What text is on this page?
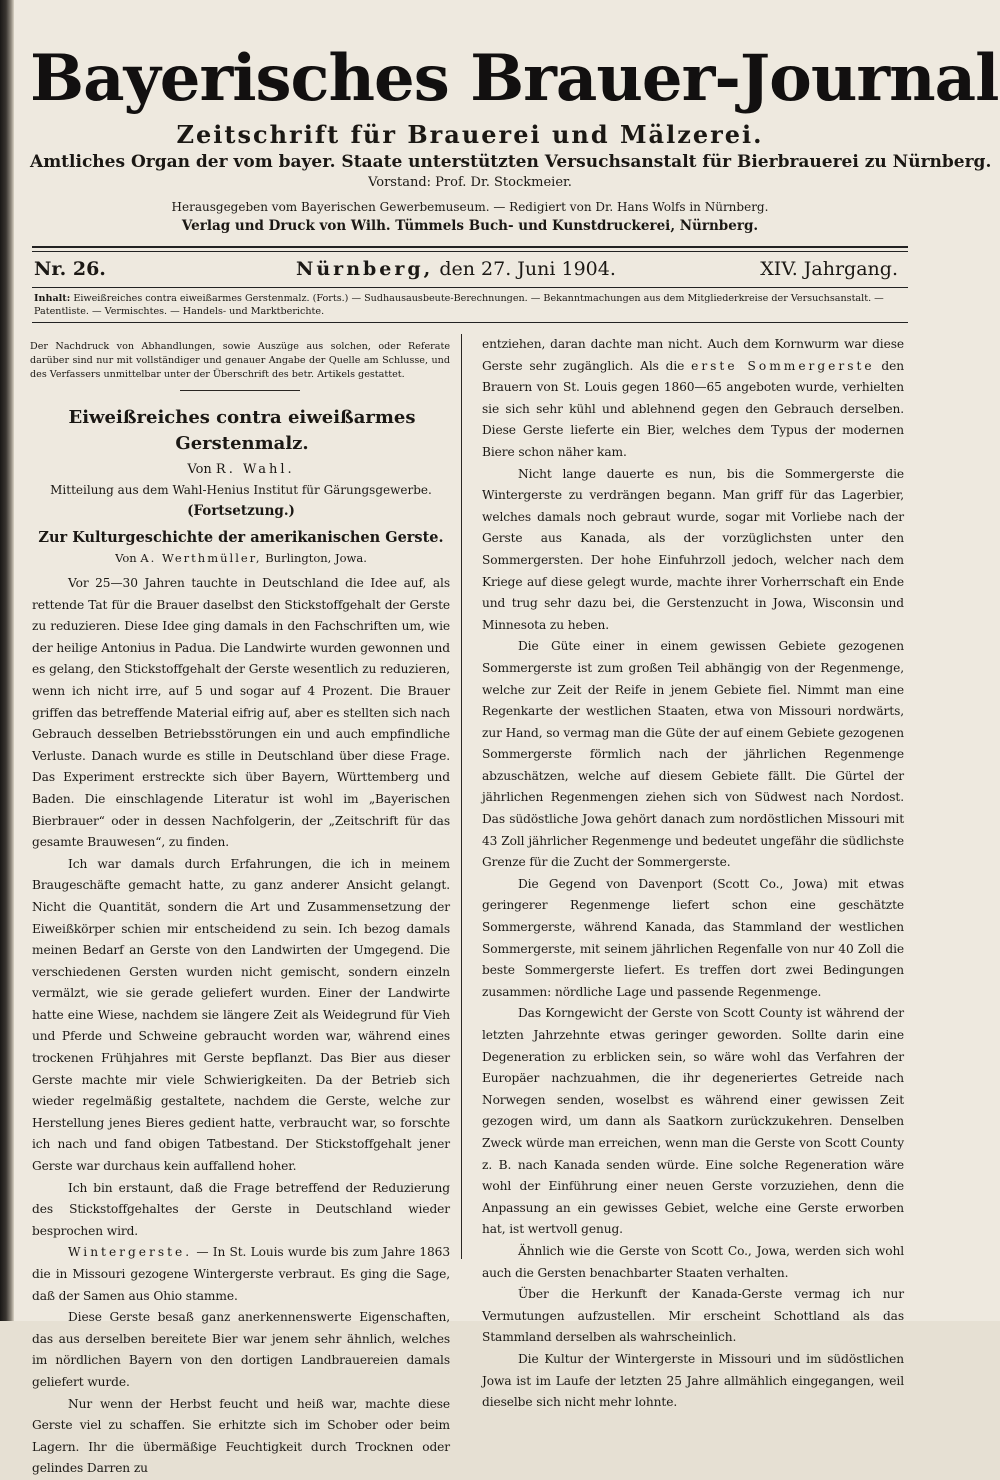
Bayerisches Brauer-Journal
Zeitschrift für Brauerei und Mälzerei.
Amtliches Organ der vom bayer. Staate unterstützten Versuchsanstalt für Bierbrauerei zu Nürnberg.
Vorstand: Prof. Dr. Stockmeier.
Herausgegeben vom Bayerischen Gewerbemuseum. — Redigiert von Dr. Hans Wolfs in Nürnberg.
Verlag und Druck von Wilh. Tümmels Buch- und Kunstdruckerei, Nürnberg.
Nr. 26.	Nürnberg, den 27. Juni 1904.	XIV. Jahrgang.
Inhalt: Eiweißreiches contra eiweißarmes Gerstenmalz. (Forts.) — Sudhausausbeute-Berechnungen. — Bekanntmachungen aus dem Mitgliederkreise der Versuchsanstalt. — Patentliste. — Vermischtes. — Handels- und Marktberichte.

Der Nachdruck von Abhandlungen, sowie Auszüge aus solchen, oder Referate darüber sind nur mit vollständiger und genauer Angabe der Quelle am Schlusse, und des Verfassers unmittelbar unter der Überschrift des betr. Artikels gestattet.

Eiweißreiches contra eiweißarmes Gerstenmalz.
Von R. Wahl.
Mitteilung aus dem Wahl-Henius Institut für Gärungsgewerbe.
(Fortsetzung.)
Zur Kulturgeschichte der amerikanischen Gerste.
Von A. Werthmüller, Burlington, Jowa.

Vor 25—30 Jahren tauchte in Deutschland die Idee auf, als rettende Tat für die Brauer daselbst den Stickstoffgehalt der Gerste zu reduzieren. Diese Idee ging damals in den Fachschriften um, wie der heilige Antonius in Padua. Die Landwirte wurden gewonnen und es gelang, den Stickstoffgehalt der Gerste wesentlich zu reduzieren, wenn ich nicht irre, auf 5 und sogar auf 4 Prozent. Die Brauer griffen das betreffende Material eifrig auf, aber es stellten sich nach Gebrauch desselben Betriebsstörungen ein und auch empfindliche Verluste. Danach wurde es stille in Deutschland über diese Frage. Das Experiment erstreckte sich über Bayern, Württemberg und Baden. Die einschlagende Literatur ist wohl im „Bayerischen Bierbrauer“ oder in dessen Nachfolgerin, der „Zeitschrift für das gesamte Brauwesen“, zu finden.

Ich war damals durch Erfahrungen, die ich in meinem Braugeschäfte gemacht hatte, zu ganz anderer Ansicht gelangt. Nicht die Quantität, sondern die Art und Zusammensetzung der Eiweißkörper schien mir entscheidend zu sein. Ich bezog damals meinen Bedarf an Gerste von den Landwirten der Umgegend. Die verschiedenen Gersten wurden nicht gemischt, sondern einzeln vermälzt, wie sie gerade geliefert wurden. Einer der Landwirte hatte eine Wiese, nachdem sie längere Zeit als Weidegrund für Vieh und Pferde und Schweine gebraucht worden war, während eines trockenen Frühjahres mit Gerste bepflanzt. Das Bier aus dieser Gerste machte mir viele Schwierigkeiten. Da der Betrieb sich wieder regelmäßig gestaltete, nachdem die Gerste, welche zur Herstellung jenes Bieres gedient hatte, verbraucht war, so forschte ich nach und fand obigen Tatbestand. Der Stickstoffgehalt jener Gerste war durchaus kein auffallend hoher.

Ich bin erstaunt, daß die Frage betreffend der Reduzierung des Stickstoffgehaltes der Gerste in Deutschland wieder besprochen wird.

Wintergerste. — In St. Louis wurde bis zum Jahre 1863 die in Missouri gezogene Wintergerste verbraut. Es ging die Sage, daß der Samen aus Ohio stamme.

Diese Gerste besaß ganz anerkennenswerte Eigenschaften, das aus derselben bereitete Bier war jenem sehr ähnlich, welches im nördlichen Bayern von den dortigen Landbrauereien damals geliefert wurde.

Nur wenn der Herbst feucht und heiß war, machte diese Gerste viel zu schaffen. Sie erhitzte sich im Schober oder beim Lagern. Ihr die übermäßige Feuchtigkeit durch Trocknen oder gelindes Darren zu

entziehen, daran dachte man nicht. Auch dem Kornwurm war diese Gerste sehr zugänglich. Als die erste Sommergerste den Brauern von St. Louis gegen 1860—65 angeboten wurde, verhielten sie sich sehr kühl und ablehnend gegen den Gebrauch derselben. Diese Gerste lieferte ein Bier, welches dem Typus der modernen Biere schon näher kam.

Nicht lange dauerte es nun, bis die Sommergerste die Wintergerste zu verdrängen begann. Man griff für das Lagerbier, welches damals noch gebraut wurde, sogar mit Vorliebe nach der Gerste aus Kanada, als der vorzüglichsten unter den Sommergersten. Der hohe Einfuhrzoll jedoch, welcher nach dem Kriege auf diese gelegt wurde, machte ihrer Vorherrschaft ein Ende und trug sehr dazu bei, die Gerstenzucht in Jowa, Wisconsin und Minnesota zu heben.

Die Güte einer in einem gewissen Gebiete gezogenen Sommergerste ist zum großen Teil abhängig von der Regenmenge, welche zur Zeit der Reife in jenem Gebiete fiel. Nimmt man eine Regenkarte der westlichen Staaten, etwa von Missouri nordwärts, zur Hand, so vermag man die Güte der auf einem Gebiete gezogenen Sommergerste förmlich nach der jährlichen Regenmenge abzuschätzen, welche auf diesem Gebiete fällt. Die Gürtel der jährlichen Regenmengen ziehen sich von Südwest nach Nordost. Das südöstliche Jowa gehört danach zum nordöstlichen Missouri mit 43 Zoll jährlicher Regenmenge und bedeutet ungefähr die südlichste Grenze für die Zucht der Sommergerste.

Die Gegend von Davenport (Scott Co., Jowa) mit etwas geringerer Regenmenge liefert schon eine geschätzte Sommergerste, während Kanada, das Stammland der westlichen Sommergerste, mit seinem jährlichen Regenfalle von nur 40 Zoll die beste Sommergerste liefert. Es treffen dort zwei Bedingungen zusammen: nördliche Lage und passende Regenmenge.

Das Korngewicht der Gerste von Scott County ist während der letzten Jahrzehnte etwas geringer geworden. Sollte darin eine Degeneration zu erblicken sein, so wäre wohl das Verfahren der Europäer nachzuahmen, die ihr degeneriertes Getreide nach Norwegen senden, woselbst es während einer gewissen Zeit gezogen wird, um dann als Saatkorn zurückzukehren. Denselben Zweck würde man erreichen, wenn man die Gerste von Scott County z. B. nach Kanada senden würde. Eine solche Regeneration wäre wohl der Einführung einer neuen Gerste vorzuziehen, denn die Anpassung an ein gewisses Gebiet, welche eine Gerste erworben hat, ist wertvoll genug.

Ähnlich wie die Gerste von Scott Co., Jowa, werden sich wohl auch die Gersten benachbarter Staaten verhalten.

Über die Herkunft der Kanada-Gerste vermag ich nur Vermutungen aufzustellen. Mir erscheint Schottland als das Stammland derselben als wahrscheinlich.

Die Kultur der Wintergerste in Missouri und im südöstlichen Jowa ist im Laufe der letzten 25 Jahre allmählich eingegangen, weil dieselbe sich nicht mehr lohnte.
